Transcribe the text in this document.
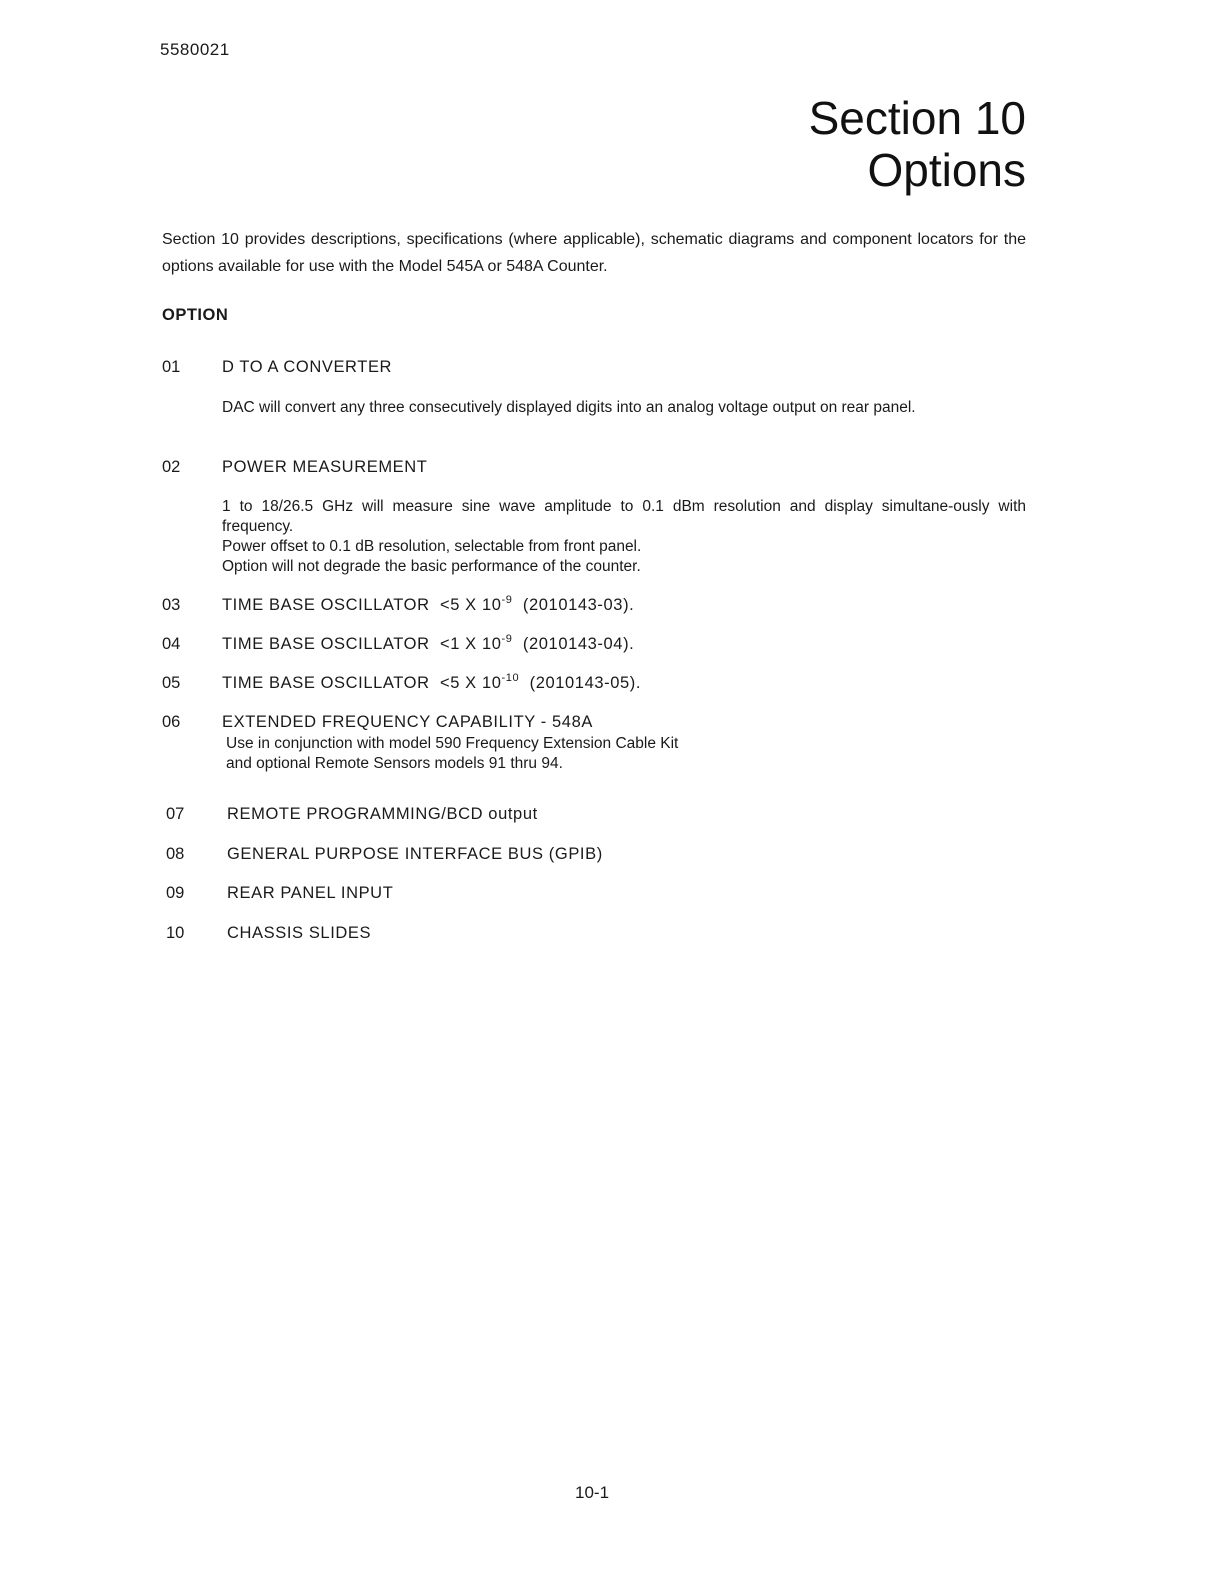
5580021
Section 10
Options
Section 10 provides descriptions, specifications (where applicable), schematic diagrams and component locators for the options available for use with the Model 545A or 548A Counter.
OPTION
01	D TO A CONVERTER

DAC will convert any three consecutively displayed digits into an analog voltage output on rear panel.

02	POWER MEASUREMENT

1 to 18/26.5 GHz will measure sine wave amplitude to 0.1 dBm resolution and display simultane-ously with frequency.

Power offset to 0.1 dB resolution, selectable from front panel.

Option will not degrade the basic performance of the counter.

03	TIME BASE OSCILLATOR <5 X $10^{-9}$ (2010143-03).
04	TIME BASE OSCILLATOR <1 X $10^{-9}$ (2010143-04).
05	TIME BASE OSCILLATOR <5 X $10^{-10}$ (2010143-05).
06	EXTENDED FREQUENCY CAPABILITY - 548A

Use in conjunction with model 590 Frequency Extension Cable Kit

and optional Remote Sensors models 91 thru 94.

07	REMOTE PROGRAMMING/BCD output
08	GENERAL PURPOSE INTERFACE BUS (GPIB)
09	REAR PANEL INPUT
10	CHASSIS SLIDES
10-1
